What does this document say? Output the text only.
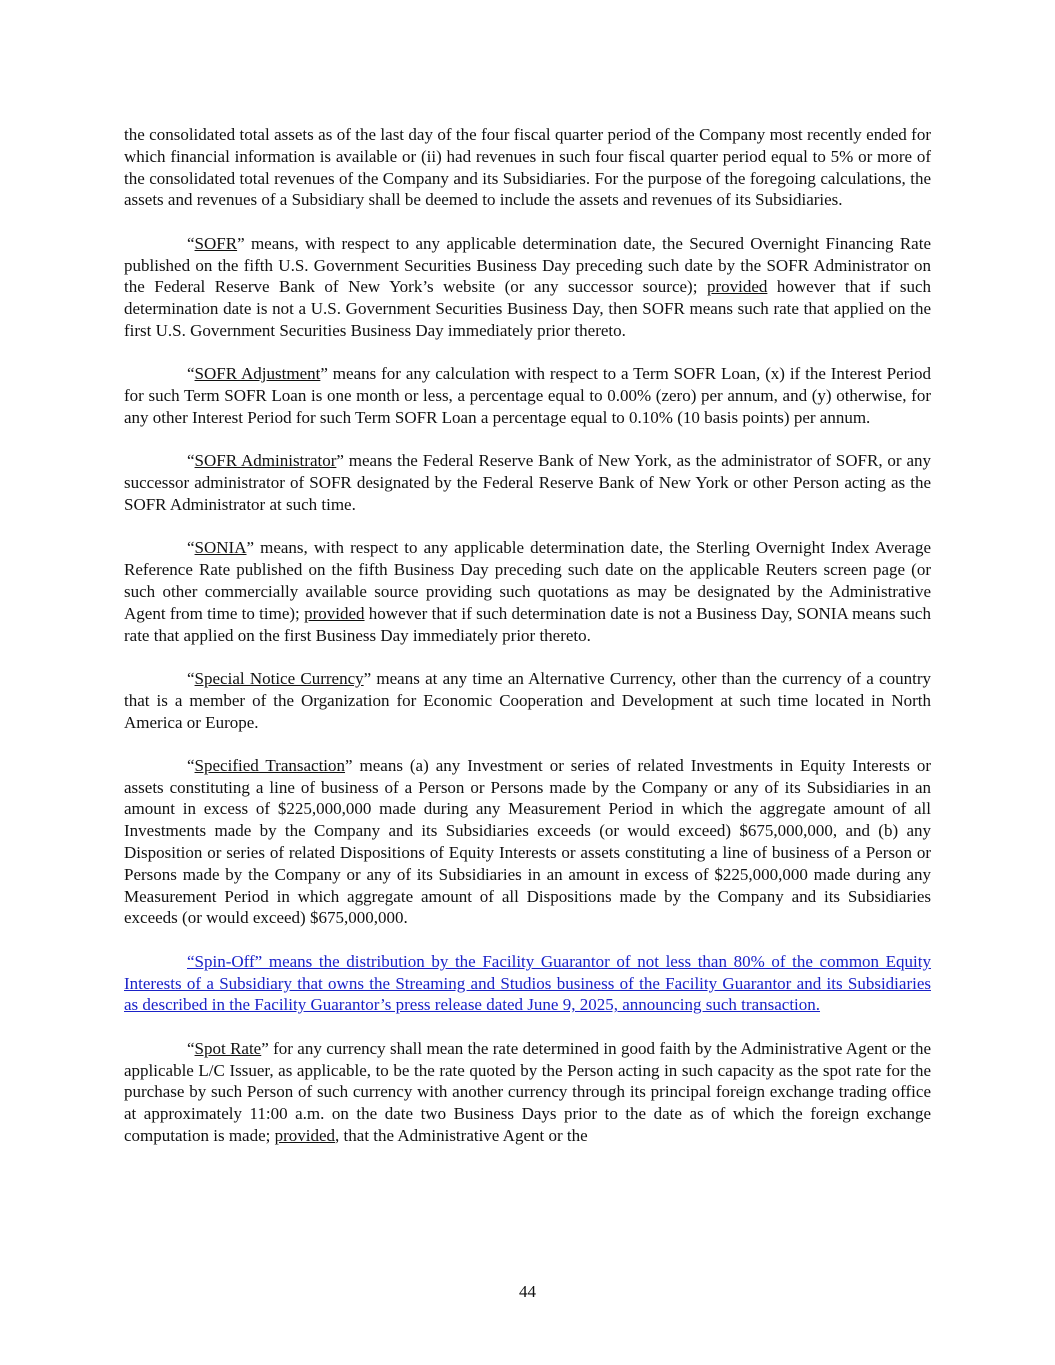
the consolidated total assets as of the last day of the four fiscal quarter period of the Company most recently ended for which financial information is available or (ii) had revenues in such four fiscal quarter period equal to 5% or more of the consolidated total revenues of the Company and its Subsidiaries. For the purpose of the foregoing calculations, the assets and revenues of a Subsidiary shall be deemed to include the assets and revenues of its Subsidiaries.

“SOFR” means, with respect to any applicable determination date, the Secured Overnight Financing Rate published on the fifth U.S. Government Securities Business Day preceding such date by the SOFR Administrator on the Federal Reserve Bank of New York’s website (or any successor source); provided however that if such determination date is not a U.S. Government Securities Business Day, then SOFR means such rate that applied on the first U.S. Government Securities Business Day immediately prior thereto.

“SOFR Adjustment” means for any calculation with respect to a Term SOFR Loan, (x) if the Interest Period for such Term SOFR Loan is one month or less, a percentage equal to 0.00% (zero) per annum, and (y) otherwise, for any other Interest Period for such Term SOFR Loan a percentage equal to 0.10% (10 basis points) per annum.

“SOFR Administrator” means the Federal Reserve Bank of New York, as the administrator of SOFR, or any successor administrator of SOFR designated by the Federal Reserve Bank of New York or other Person acting as the SOFR Administrator at such time.

“SONIA” means, with respect to any applicable determination date, the Sterling Overnight Index Average Reference Rate published on the fifth Business Day preceding such date on the applicable Reuters screen page (or such other commercially available source providing such quotations as may be designated by the Administrative Agent from time to time); provided however that if such determination date is not a Business Day, SONIA means such rate that applied on the first Business Day immediately prior thereto.

“Special Notice Currency” means at any time an Alternative Currency, other than the currency of a country that is a member of the Organization for Economic Cooperation and Development at such time located in North America or Europe.

“Specified Transaction” means (a) any Investment or series of related Investments in Equity Interests or assets constituting a line of business of a Person or Persons made by the Company or any of its Subsidiaries in an amount in excess of $225,000,000 made during any Measurement Period in which the aggregate amount of all Investments made by the Company and its Subsidiaries exceeds (or would exceed) $675,000,000, and (b) any Disposition or series of related Dispositions of Equity Interests or assets constituting a line of business of a Person or Persons made by the Company or any of its Subsidiaries in an amount in excess of $225,000,000 made during any Measurement Period in which aggregate amount of all Dispositions made by the Company and its Subsidiaries exceeds (or would exceed) $675,000,000.

“Spin-Off” means the distribution by the Facility Guarantor of not less than 80% of the common Equity Interests of a Subsidiary that owns the Streaming and Studios business of the Facility Guarantor and its Subsidiaries as described in the Facility Guarantor’s press release dated June 9, 2025, announcing such transaction.

“Spot Rate” for any currency shall mean the rate determined in good faith by the Administrative Agent or the applicable L/C Issuer, as applicable, to be the rate quoted by the Person acting in such capacity as the spot rate for the purchase by such Person of such currency with another currency through its principal foreign exchange trading office at approximately 11:00 a.m. on the date two Business Days prior to the date as of which the foreign exchange computation is made; provided, that the Administrative Agent or the

44
